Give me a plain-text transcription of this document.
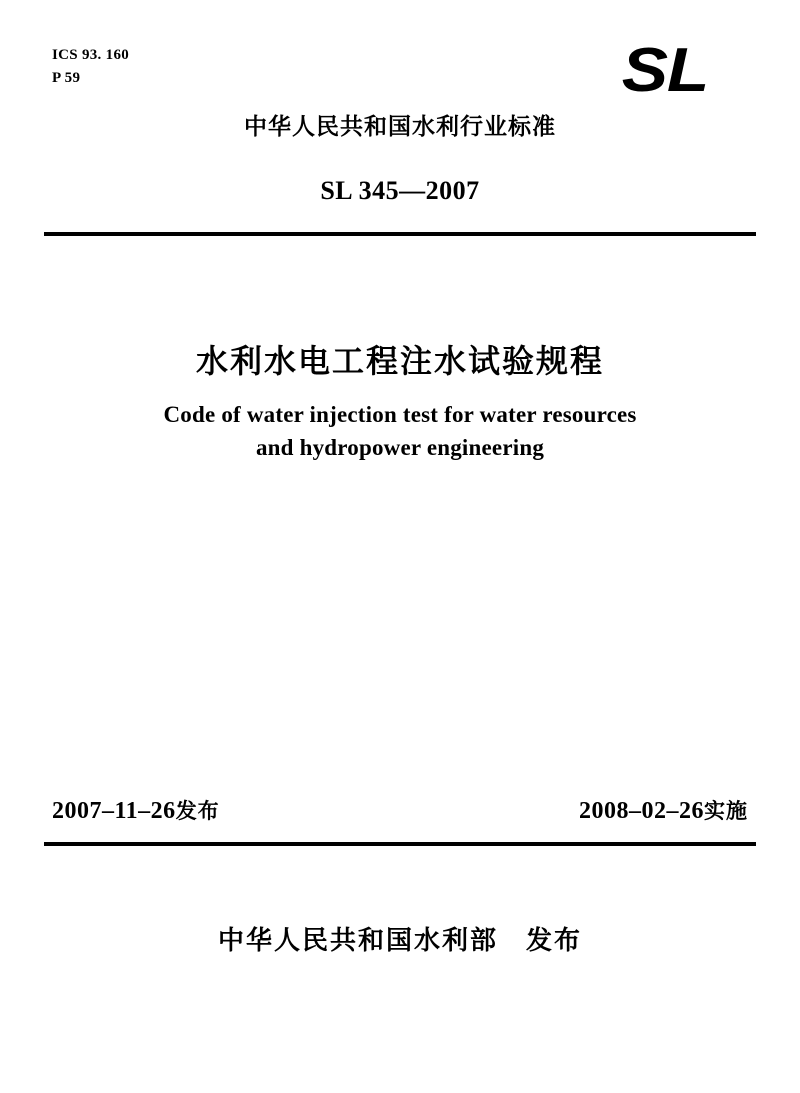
ICS 93. 160
P 59	SL
中华人民共和国水利行业标准
SL 345—2007
水利水电工程注水试验规程
Code of water injection test for water resources
and hydropower engineering
2007–11–26发布	2008–02–26实施
中华人民共和国水利部　发布
